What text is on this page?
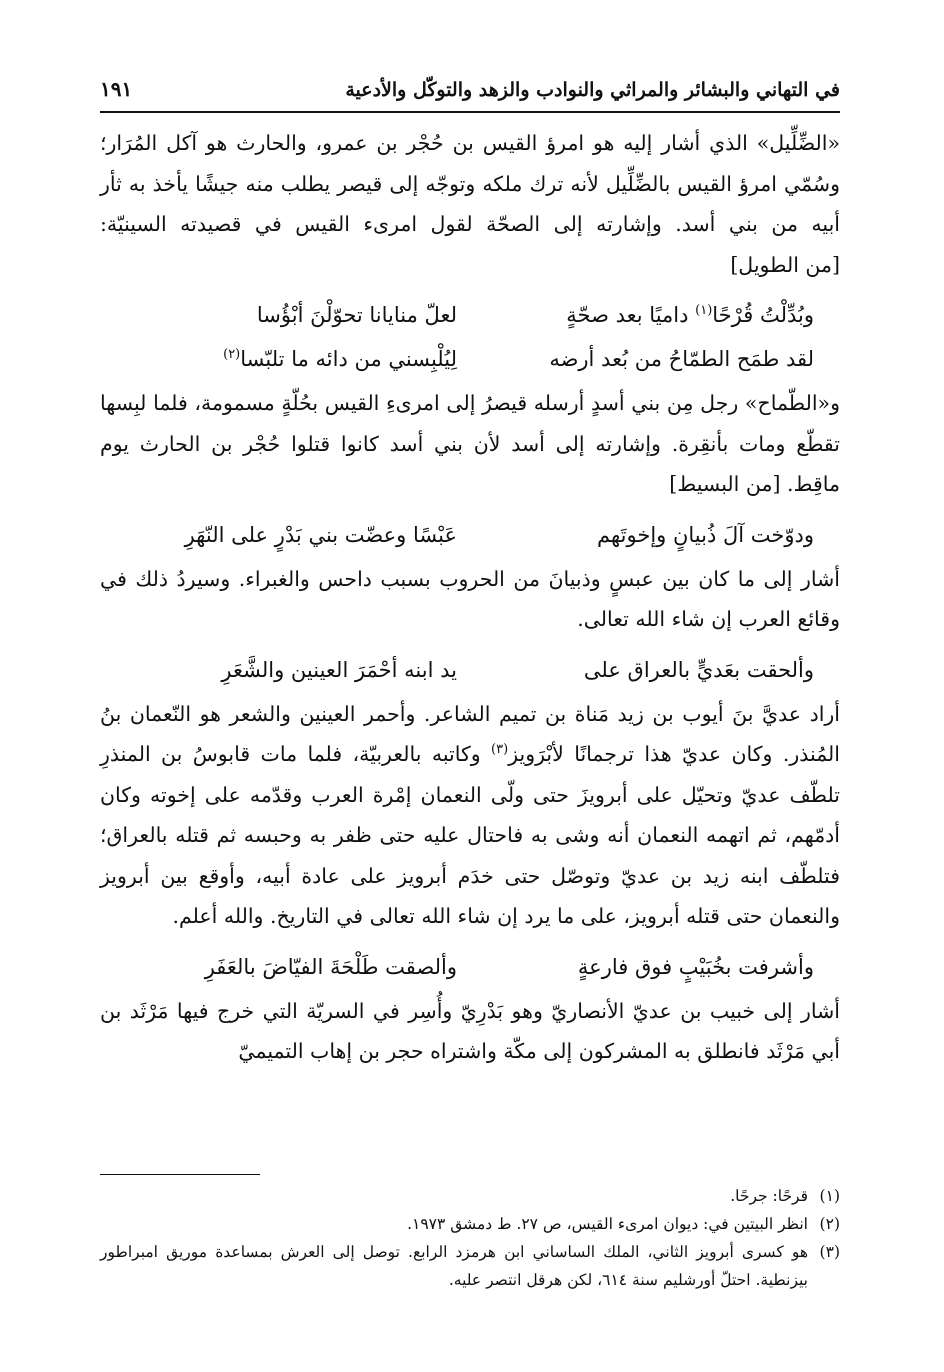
في التهاني والبشائر والمراثي والنوادب والزهد والتوكّل والأدعية
١٩١

«الضِّلِّيل» الذي أشار إليه هو امرؤ القيس بن حُجْر بن عمرو، والحارث هو آكل المُرَار؛ وسُمّي امرؤ القيس بالضِّلِّيل لأنه ترك ملكه وتوجّه إلى قيصر يطلب منه جيشًا يأخذ به ثأر أبيه من بني أسد. وإشارته إلى الصحّة لقول امرىء القيس في قصيدته السينيّة: [من الطويل]

وبُدِّلْتُ قُرْحًا$^{(١)}$ داميًا بعد صحّةٍ
لعلّ منايانا تحوّلْنَ أبْؤُسا
لقد طمَح الطمّاحُ من بُعد أرضه
لِيُلْبِسني من دائه ما تلبّسا$^{(٢)}$

و«الطّماح» رجل مِن بني أسدٍ أرسله قيصرُ إلى امرىءِ القيس بحُلّةٍ مسمومة، فلما لبِسها تقطّع ومات بأنقِرة. وإشارته إلى أسد لأن بني أسد كانوا قتلوا حُجْر بن الحارث يوم ماقِط. [من البسيط]

ودوّخت آلَ ذُبيانٍ وإخوتَهم
عَبْسًا وعضّت بني بَدْرٍ على النّهَرِ

أشار إلى ما كان بين عبسٍ وذبيانَ من الحروب بسبب داحس والغبراء. وسيردُ ذلك في وقائع العرب إن شاء الله تعالى.

وألحقت بعَديٍّ بالعراق على
يد ابنه أحْمَرَ العينين والشَّعَرِ

أراد عديَّ بنَ أيوب بن زيد مَناة بن تميم الشاعر. وأحمر العينين والشعر هو النّعمان بنُ المُنذر. وكان عديّ هذا ترجمانًا لأبْرَويز$^{(٣)}$ وكاتبه بالعربيّة، فلما مات قابوسُ بن المنذرِ تلطّف عديّ وتحيّل على أبرويزَ حتى ولّى النعمان إمْرة العرب وقدّمه على إخوته وكان أدمّهم، ثم اتهمه النعمان أنه وشى به فاحتال عليه حتى ظفر به وحبسه ثم قتله بالعراق؛ فتلطّف ابنه زيد بن عديّ وتوصّل حتى خدَم أبرويز على عادة أبيه، وأوقع بين أبرويز والنعمان حتى قتله أبرويز، على ما يرد إن شاء الله تعالى في التاريخ. والله أعلم.

وأشرفت بخُبَيْبٍ فوق فارعةٍ
وألصقت طَلْحَةَ الفيّاضَ بالعَفَرِ

أشار إلى خبيب بن عديّ الأنصاريّ وهو بَدْرِيّ وأُسِر في السريّة التي خرج فيها مَرْثَد بن أبي مَرْثَد فانطلق به المشركون إلى مكّة واشتراه حجر بن إهاب التميميّ

(١)
قرحًا: جرحًا.
(٢)
انظر البيتين في: ديوان امرىء القيس، ص ٢٧. ط دمشق ١٩٧٣.
(٣)
هو كسرى أبرويز الثاني، الملك الساساني ابن هرمزد الرابع. توصل إلى العرش بمساعدة موريق امبراطور بيزنطية. احتلّ أورشليم سنة ٦١٤، لكن هرقل انتصر عليه.
